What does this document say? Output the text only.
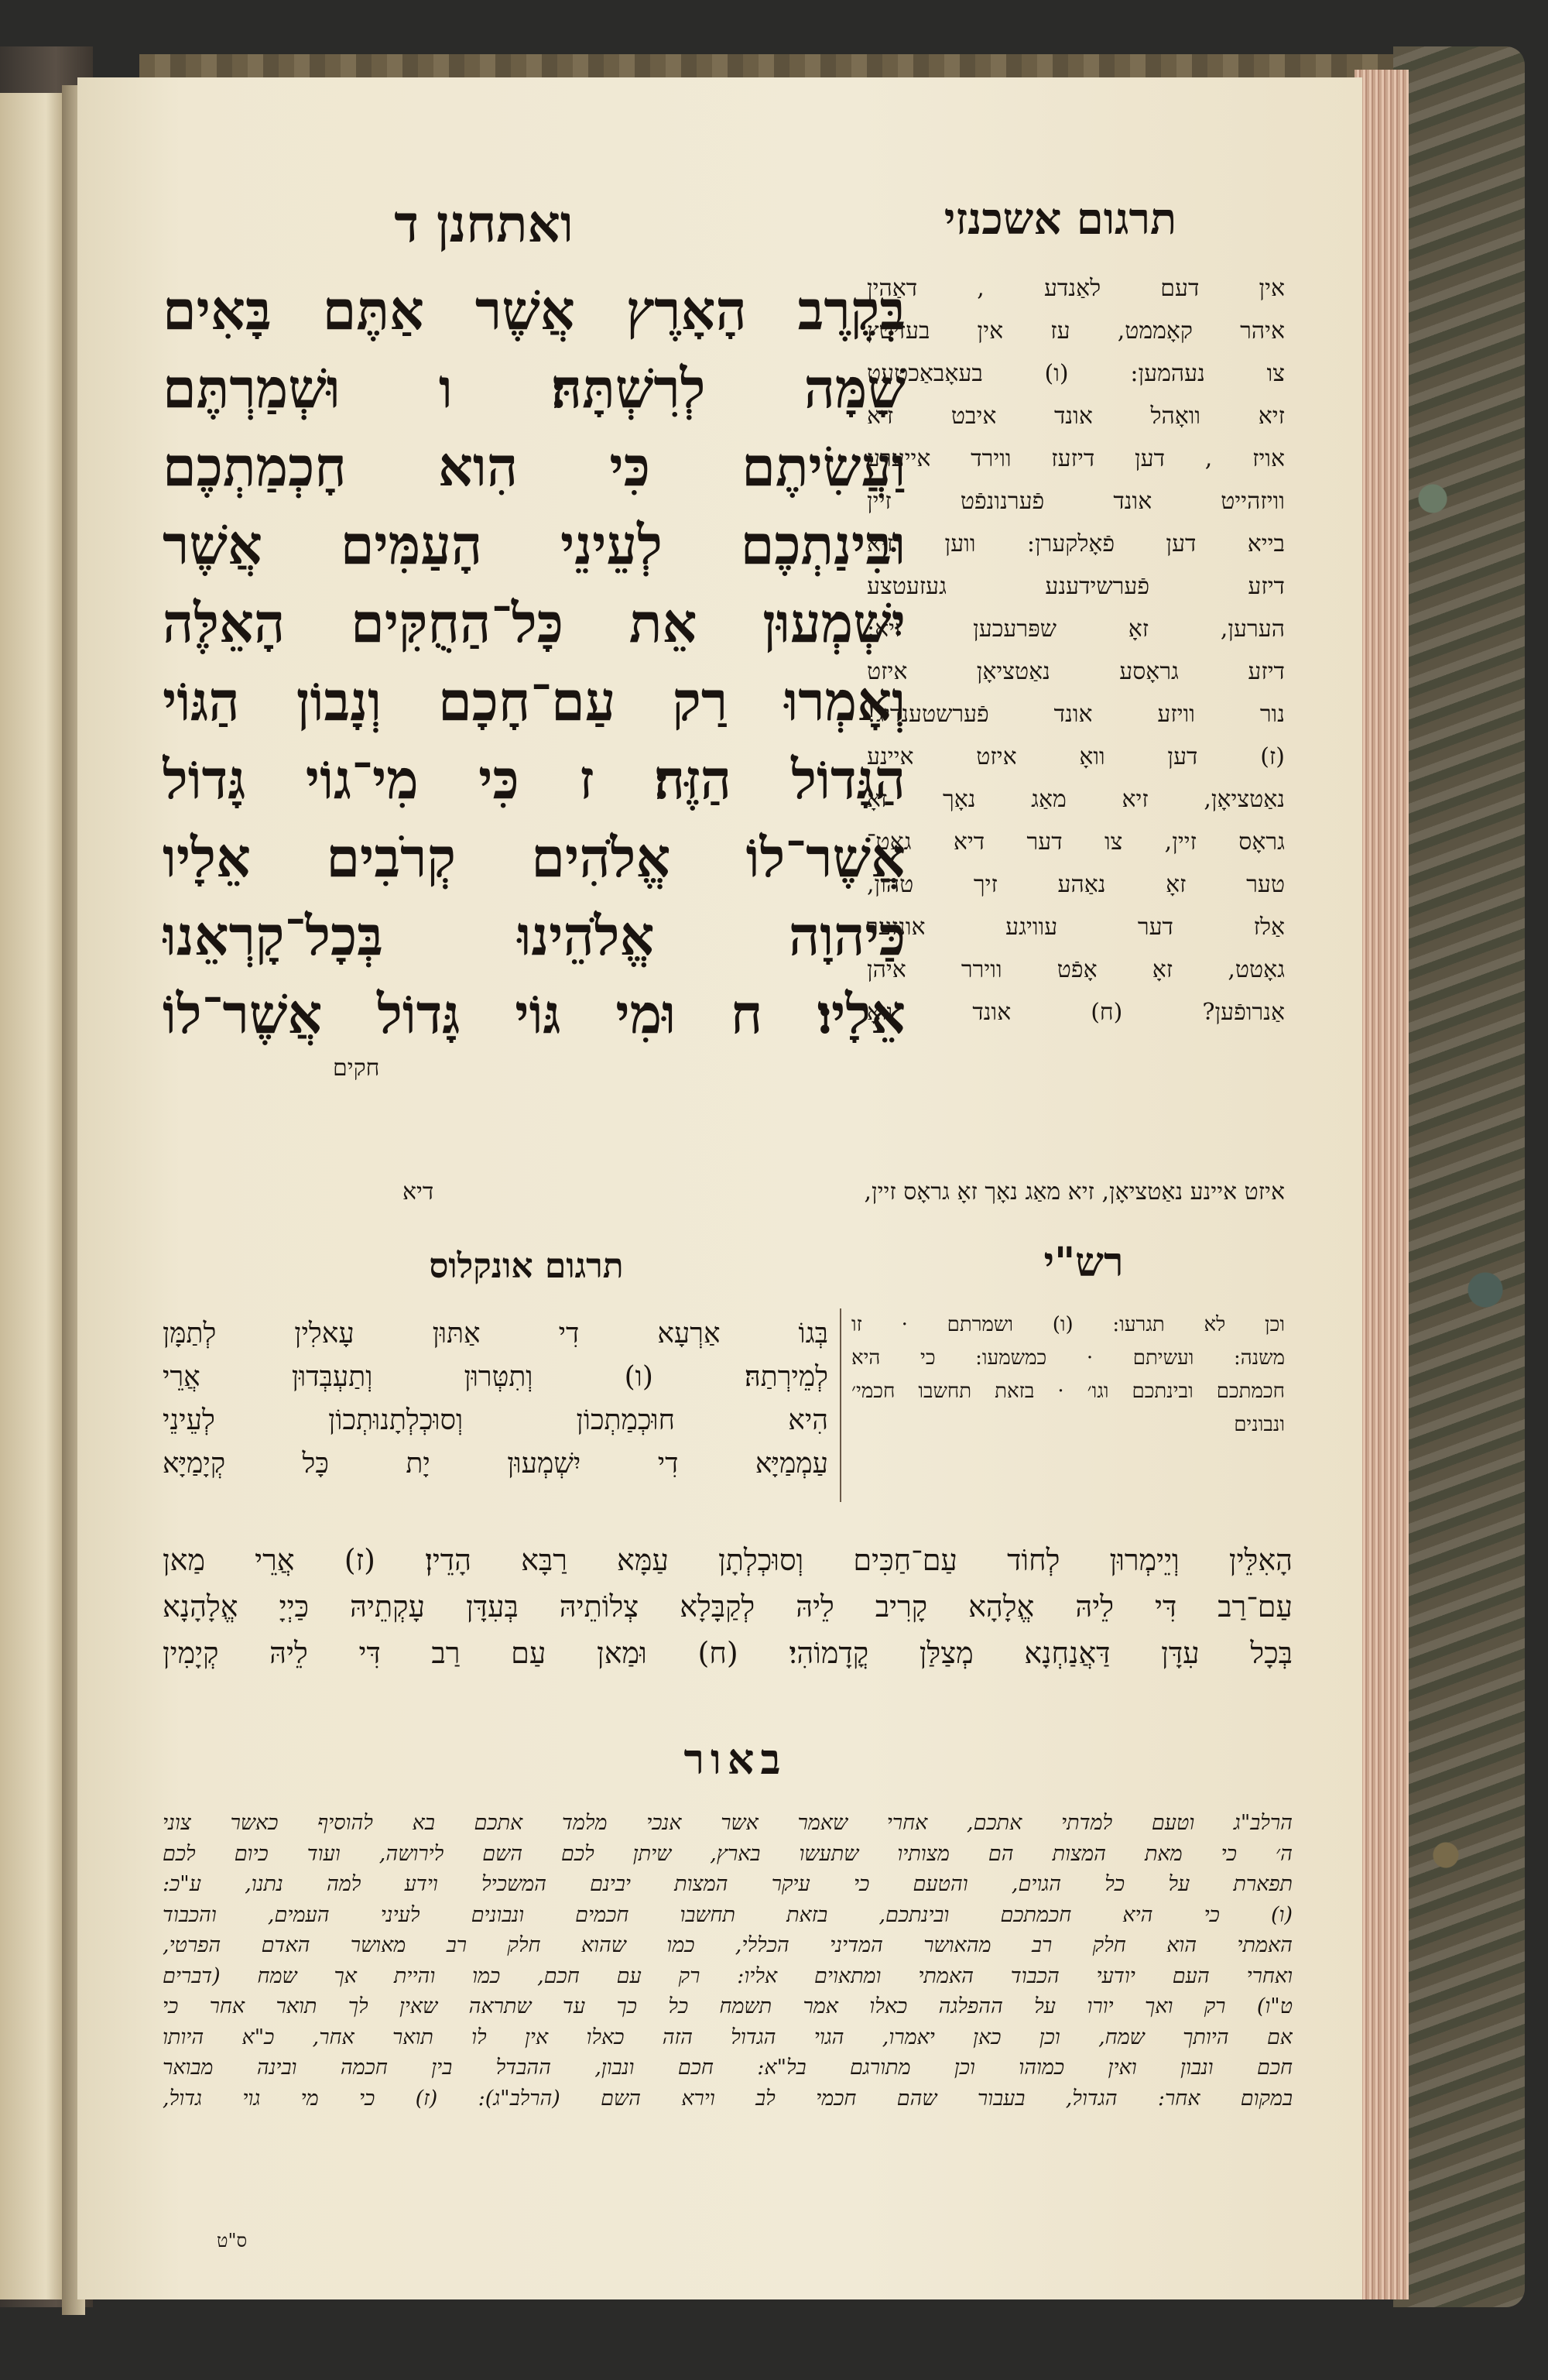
ואתחנן ד	תרגום אשכנזי
בְּקֶרֶב הָאָרֶץ אֲשֶׁר אַתֶּם בָּאִים
שָׁמָּה לְרִשְׁתָּהּ׃ ו וּשְׁמַרְתֶּם
וַעֲשִׂיתֶם כִּי הִוא חָכְמַתְכֶם
וּבִינַתְכֶם לְעֵינֵי הָעַמִּים אֲשֶׁר
יִשְׁמְעוּן אֵת כָּל־הַחֻקִּים הָאֵלֶּה
וְאָמְרוּ רַק עַם־חָכָם וְנָבוֹן הַגּוֹי
הַגָּדוֹל הַזֶּה׃ ז כִּי מִי־גוֹי גָּדוֹל
אֲשֶׁר־לוֹ אֱלֹהִים קְרֹבִים אֵלָיו
כַּיהוָה אֱלֹהֵינוּ בְּכָל־קָרְאֵנוּ
אֵלָיו׃ ח וּמִי גּוֹי גָּדוֹל אֲשֶׁר־לוֹ
חקים
אין דעם לאַנדע , דאַהין
איהר קאָממט, עז אין בעזיטץ
צו נעהמען: (ו) בעאָבאַכטעט
זיא וואָהל אונד איבט זיא
אויז , דען דיזעז ווירד אייערע
וויזהייט אונד פֿערנונפֿט זיין
בייא דען פֿאָלקערן: ווען זיא
דיזע פֿערשידענע געזעטצע
הערען, זאָ שפּרעכען זיא:
דיזע גראָסע נאַטציאָן איזט
נור וויזע אונד פֿערשטענדיג!
(ז) דען וואָ איזט איינע
נאַטציאָן, זיא מאַג נאָך זאָ
גראָס זיין, צו דער דיא גאָט־
טער זאָ נאַהע זיך טהון,
אַלז דער עוויגע אונזער
גאָטט, זאָ אָפֿט ווירר איהן
אַנרופֿען? (ח) אונד וואָ
איזט איינע נאַטציאָן, זיא מאַג נאָך זאָ גראָס זיין,
דיא
רש"י
תרגום אונקלוס
וכן לא תגרעו: (ו) ושמרתם · זו
משנה: ועשיתם · כמשמעו: כי היא
חכמתכם ובינתכם וגו׳ · בזאת תחשבו חכמי׳
ונבונים
בְּגוֹ אַרְעָא דִי אַתּוּן עָאלִין לְתַמָּן
לְמֵירְתַהּ׃ (ו) וְתִטְּרוּן וְתַעְבְּדוּן אֲרֵי
הִיא חוּכְמַתְכוֹן וְסוּכְלְתָנוּתְכוֹן לְעֵינֵי
עַמְמַיָּא דִי יִשְׁמְעוּן יָת כָּל קְיָמַיָּא
הָאִלֵּין וְיֵימְרוּן לְחוֹד עַם־חַכִּים וְסוּכְלְתָן עַמָּא רַבָּא הָדֵין׃ (ז) אֲרֵי מַאן
עַם־רַב דִּי לֵיהּ אֱלָהָא קָרִיב לֵיהּ לְקַבָּלָא צְלוֹתֵיהּ בְּעִדָּן עָקְתֵיהּ כַּיְיָ אֱלָהָנָא
בְּכָל עִדָּן דַּאֲנַחְנָא מְצַלַּן קֳדָמוֹהִי׃ (ח) וּמַאן עַם רַב דִּי לֵיהּ קְיָמִין
באור
הרלב"ג וטעם למדתי אתכם, אחרי שאמר אשר אנכי מלמד אתכם בא להוסיף כאשר צוני
ה׳ כי מאת המצות הם מצותיו שתעשו בארץ, שיתן לכם השם לירושה, ועוד כיום לכם
תפארת על כל הגוים, והטעם כי עיקר המצות יבינם המשכיל וידע למה נתנו, ע"כ:
(ו) כי היא חכמתכם ובינתכם, בזאת תחשבו חכמים ונבונים לעיני העמים, והכבוד
האמתי הוא חלק רב מהאושר המדיני הכללי, כמו שהוא חלק רב מאושר האדם הפרטי,
ואחרי העם יודעי הכבוד האמתי ומתאוים אליו: רק עם חכם, כמו והיית אך שמח (דברים
ט"ו) רק ואך יורו על ההפלגה כאלו אמר תשמח כל כך עד שתראה שאין לך תואר אחר כי
אם היותך שמח, וכן כאן יאמרו, הגוי הגדול הזה כאלו אין לו תואר אחר, כ"א היותו
חכם ונבון ואין כמוהו וכן מתורגם בל"א: חכם ונבון, ההבדל בין חכמה ובינה מבואר
במקום אחר: הגדול, בעבור שהם חכמי לב וירא השם (הרלב"ג): (ז) כי מי גוי גדול,
ס"ט
